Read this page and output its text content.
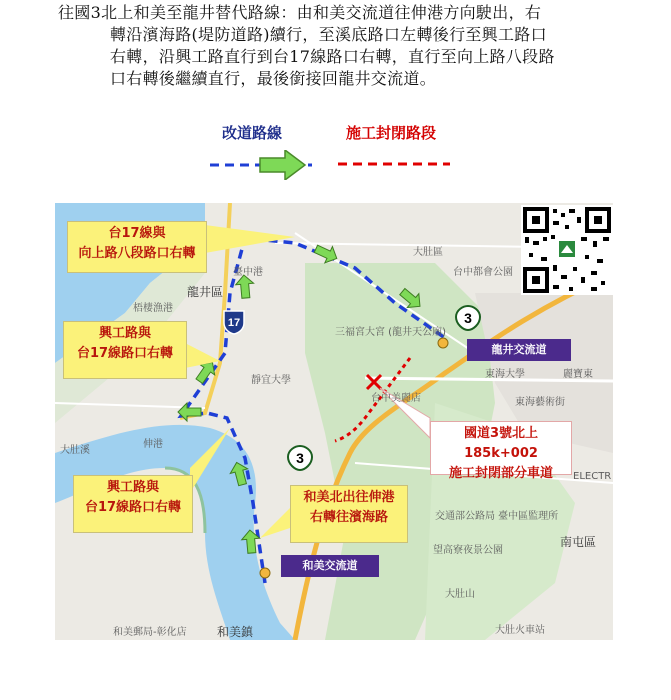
往國3北上和美至龍井替代路線：由和美交流道往伸港方向駛出，右
轉沿濱海路(堤防道路)續行，至溪底路口左轉後行至興工路口
右轉，沿興工路直行到台17線路口右轉，直行至向上路八段路
口右轉後繼續直行，最後銜接回龍井交流道。
改道路線	施工封閉路段
台17線與
向上路八段路口右轉
興工路與
台17線路口右轉
興工路與
台17線路口右轉
和美北出往伸港
右轉往濱海路
國道3號北上185k+002
施工封閉部分車道
龍井交流道
和美交流道
3
3
17
龍井區
南屯區
和美鎮
伸港
臺中港
梧棲漁港
大肚溪
東海大學
ELECTR
大肚區
台中都會公園
三福宮大宮 (龍井天公廟)
台中美麗店
靜宜大學
和美郵局-彰化店
望高寮夜景公園
大肚山
交通部公路局 臺中區監理所
大肚火車站
東海藝術街
麗寶東
